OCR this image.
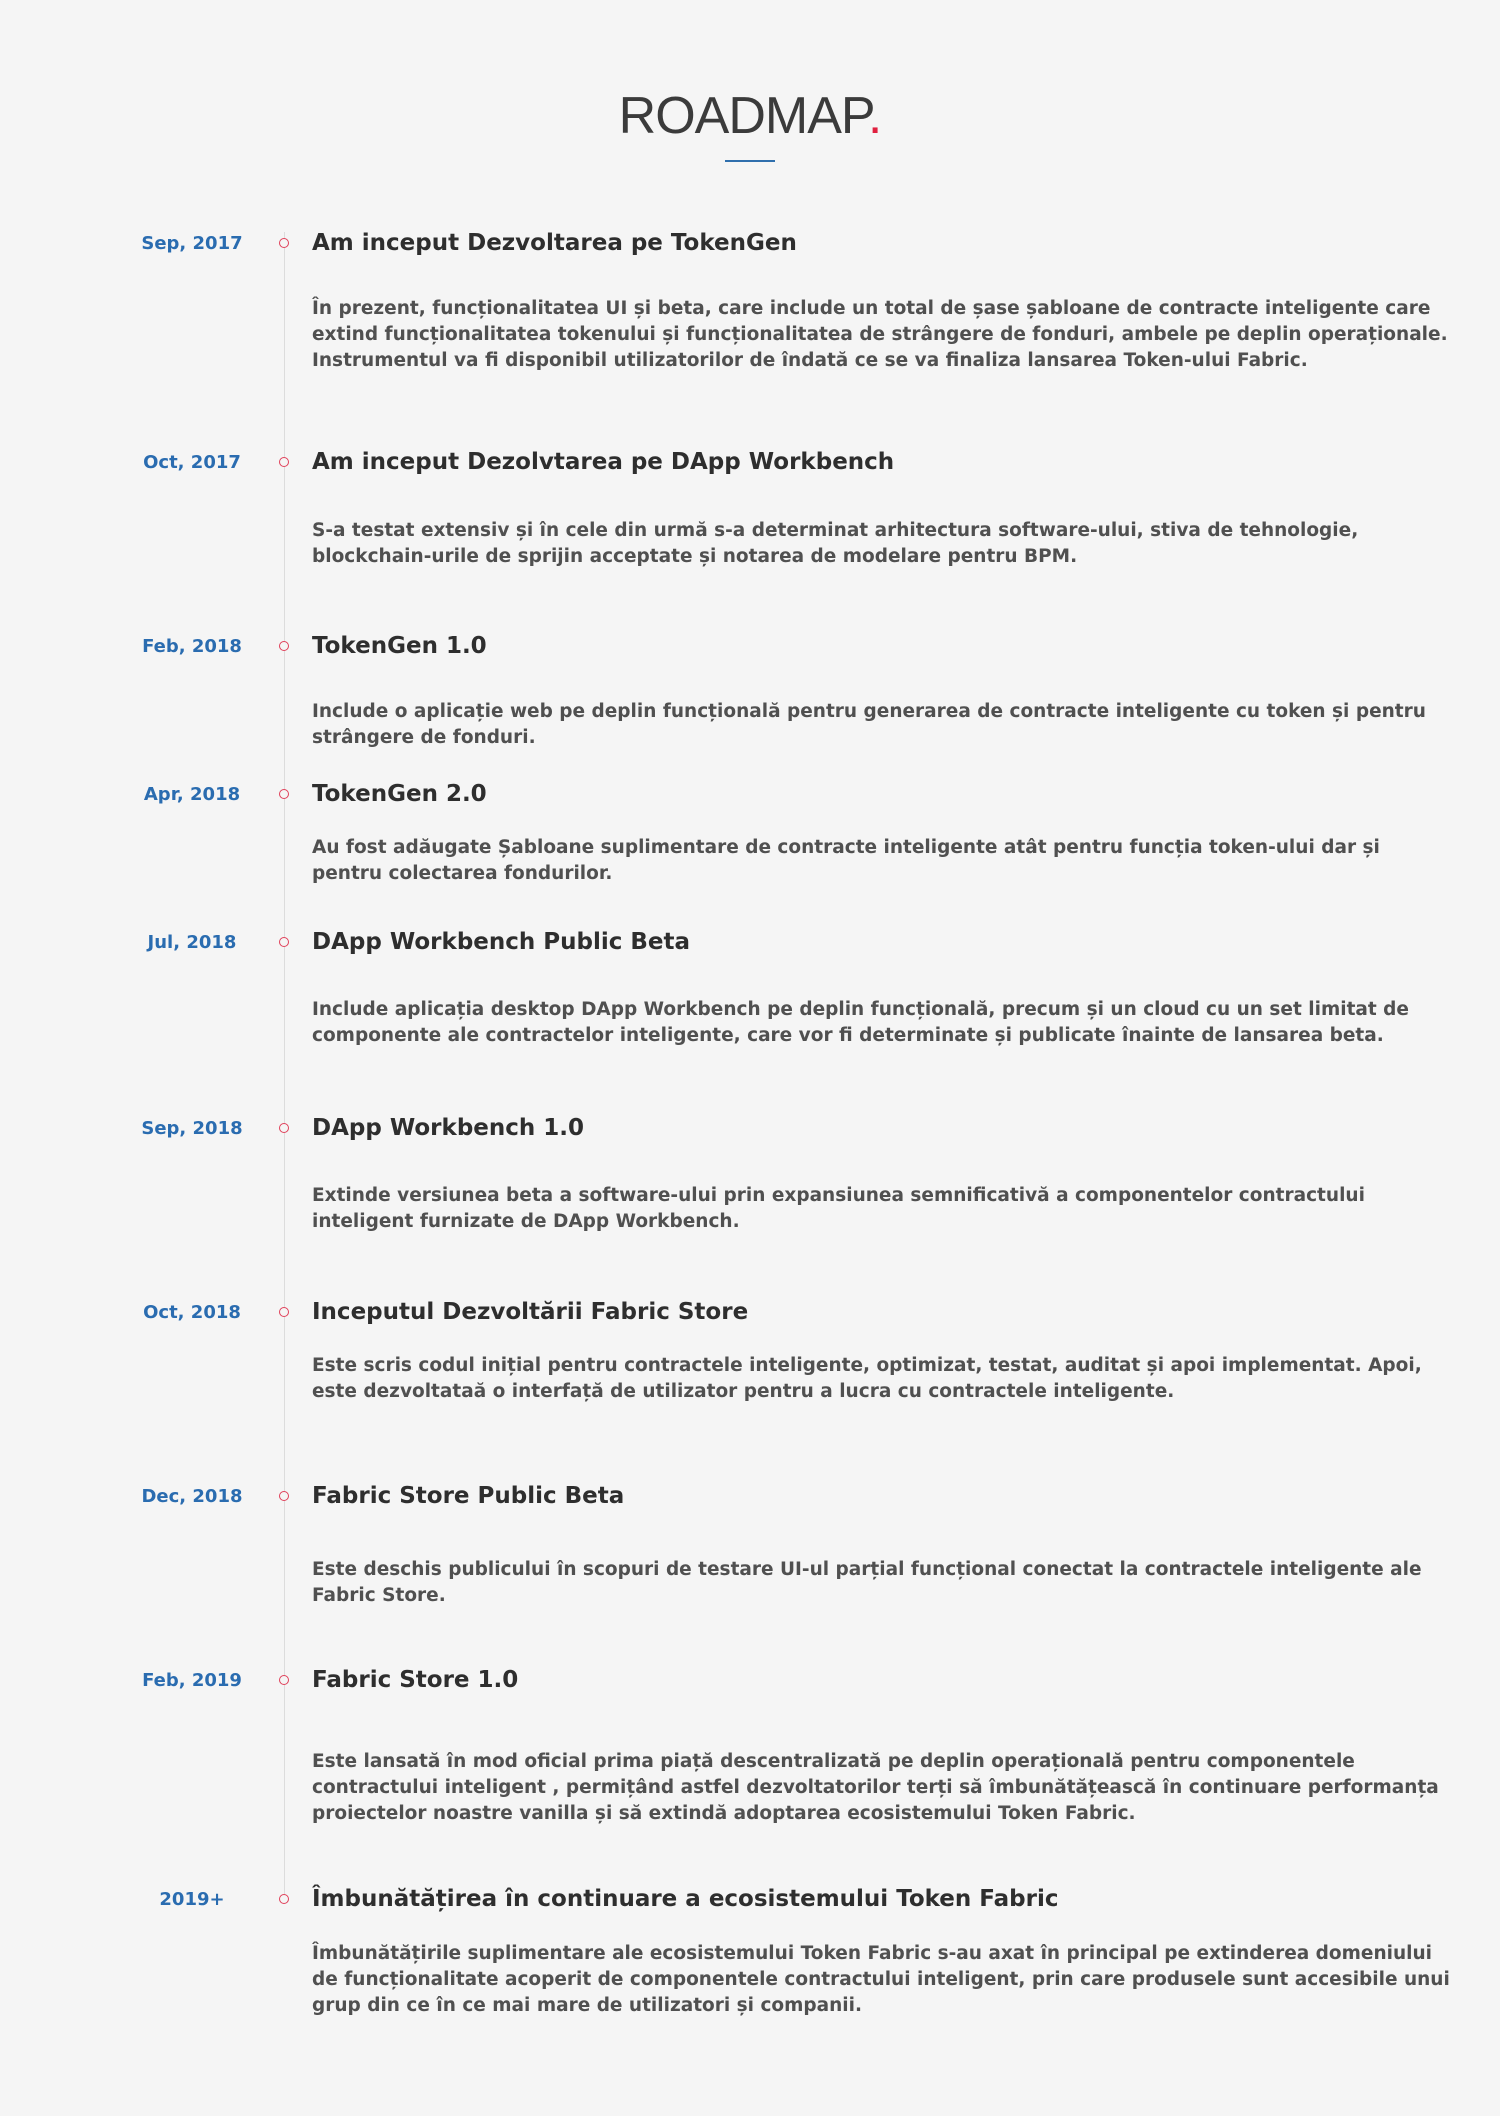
ROADMAP.
Sep, 2017	Am inceput Dezvoltarea pe TokenGen

În prezent, funcționalitatea UI și beta, care include un total de șase șabloane de contracte inteligente care extind funcționalitatea tokenului și funcționalitatea de strângere de fonduri, ambele pe deplin operaționale. Instrumentul va fi disponibil utilizatorilor de îndată ce se va finaliza lansarea Token-ului Fabric.

Oct, 2017	Am inceput Dezolvtarea pe DApp Workbench

S-a testat extensiv și în cele din urmă s-a determinat arhitectura software-ului, stiva de tehnologie, blockchain-urile de sprijin acceptate și notarea de modelare pentru BPM.

Feb, 2018	TokenGen 1.0

Include o aplicație web pe deplin funcțională pentru generarea de contracte inteligente cu token și pentru strângere de fonduri.

Apr, 2018	TokenGen 2.0

Au fost adăugate Șabloane suplimentare de contracte inteligente atât pentru funcția token-ului dar și pentru colectarea fondurilor.

Jul, 2018	DApp Workbench Public Beta

Include aplicația desktop DApp Workbench pe deplin funcțională, precum și un cloud cu un set limitat de componente ale contractelor inteligente, care vor fi determinate și publicate înainte de lansarea beta.

Sep, 2018	DApp Workbench 1.0

Extinde versiunea beta a software-ului prin expansiunea semnificativă a componentelor contractului inteligent furnizate de DApp Workbench.

Oct, 2018	Inceputul Dezvoltării Fabric Store

Este scris codul inițial pentru contractele inteligente, optimizat, testat, auditat și apoi implementat. Apoi, este dezvoltataă o interfață de utilizator pentru a lucra cu contractele inteligente.

Dec, 2018	Fabric Store Public Beta

Este deschis publicului în scopuri de testare UI-ul parțial funcțional conectat la contractele inteligente ale Fabric Store.

Feb, 2019	Fabric Store 1.0

Este lansată în mod oficial prima piață descentralizată pe deplin operațională pentru componentele contractului inteligent , permițând astfel dezvoltatorilor terți să îmbunătățească în continuare performanța proiectelor noastre vanilla și să extindă adoptarea ecosistemului Token Fabric.

2019+	Îmbunătățirea în continuare a ecosistemului Token Fabric

Îmbunătățirile suplimentare ale ecosistemului Token Fabric s-au axat în principal pe extinderea domeniului de funcționalitate acoperit de componentele contractului inteligent, prin care produsele sunt accesibile unui grup din ce în ce mai mare de utilizatori și companii.
